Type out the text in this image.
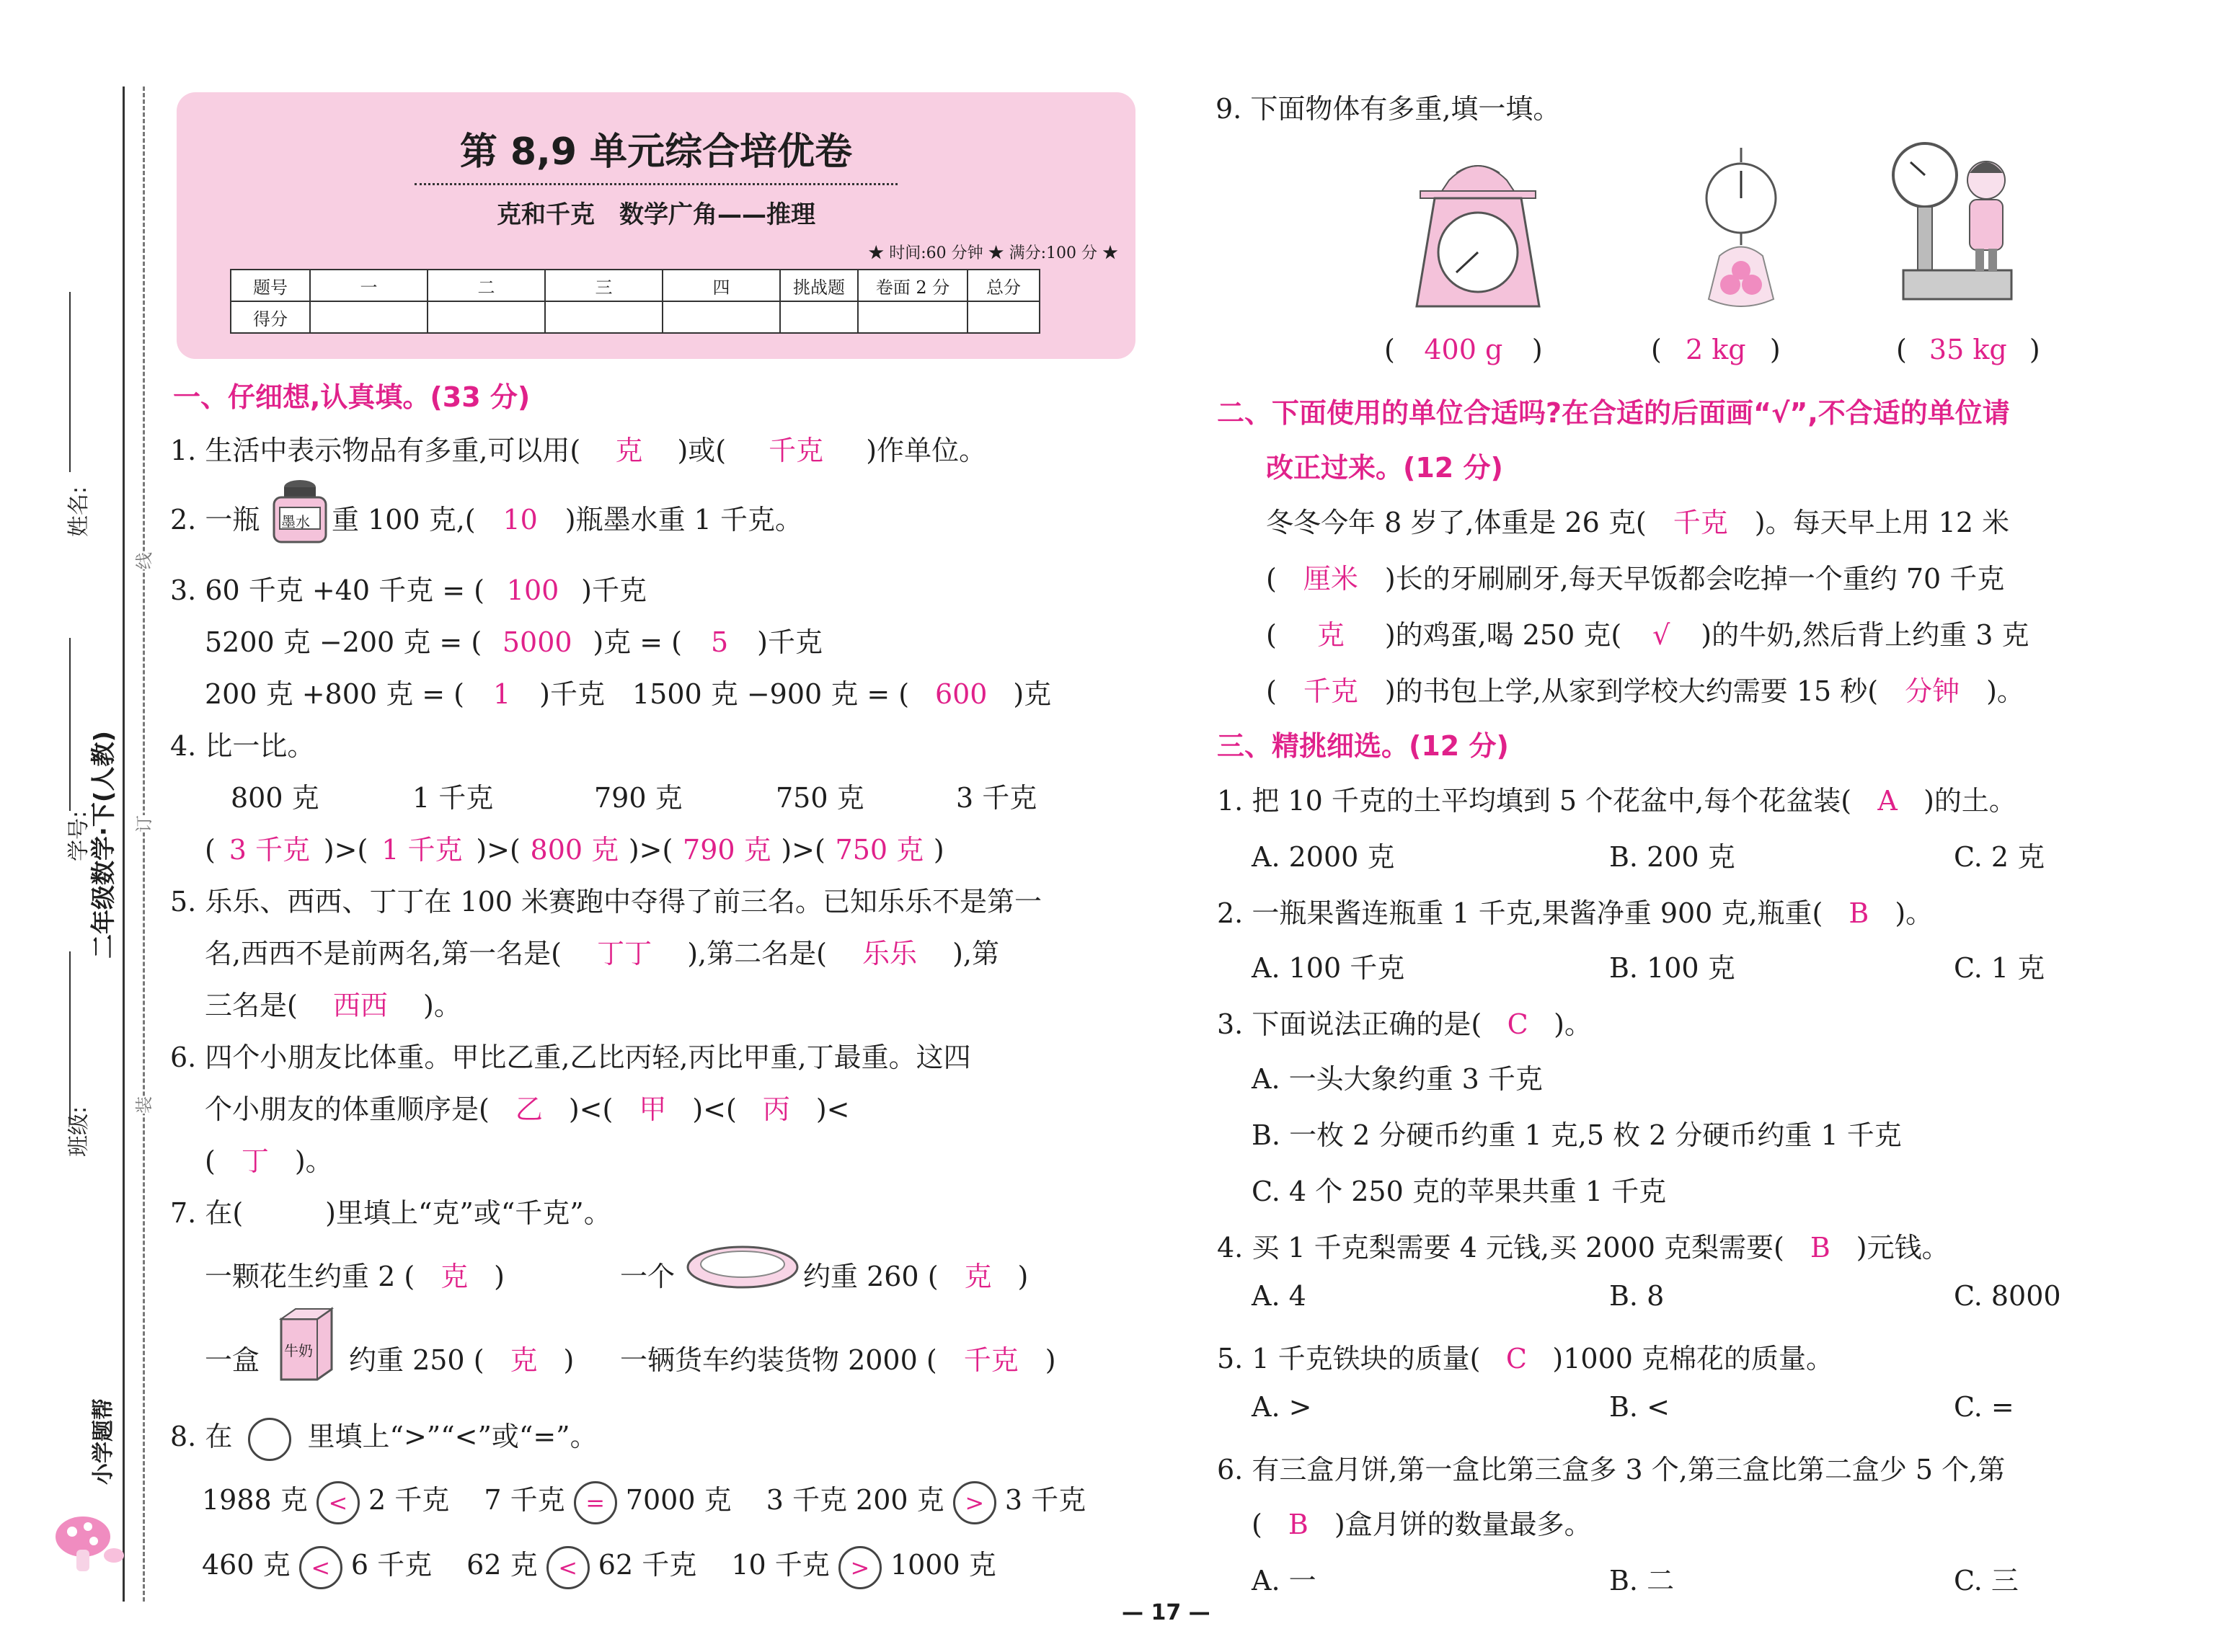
班级:
学号:
姓名:
二年级数学·下(人教)
装
订
线
小学题帮
第 8,9 单元综合培优卷
克和千克　数学广角——推理
★ 时间:60 分钟 ★ 满分:100 分 ★
题号	一	二	三	四	挑战题	卷面 2 分	总分
得分							
一、仔细想,认真填。(33 分)
1. 生活中表示物品有多重,可以用( 克 )或( 千克 )作单位。
2. 一瓶 墨水 重 100 克,( 10 )瓶墨水重 1 千克。
3. 60 千克 +40 千克 = ( 100 )千克
5200 克 −200 克 = ( 5000 )克 = ( 5 )千克
200 克 +800 克 = ( 1 )千克　1500 克 −900 克 = ( 600 )克
4. 比一比。
800 克	1 千克	790 克	750 克	3 千克
( 3 千克 )>( 1 千克 )>( 800 克 )>( 790 克 )>( 750 克 )
5. 乐乐、西西、丁丁在 100 米赛跑中夺得了前三名。已知乐乐不是第一
名,西西不是前两名,第一名是( 丁丁 ),第二名是( 乐乐 ),第
三名是( 西西 )。
6. 四个小朋友比体重。甲比乙重,乙比丙轻,丙比甲重,丁最重。这四
个小朋友的体重顺序是( 乙 )<( 甲 )<( 丙 )<
( 丁 )。
7. 在(　　　)里填上“克”或“千克”。
一颗花生约重 2 ( 克 )	一个	约重 260 ( 克 )
一盒 牛奶 约重 250 ( 克 ) 一辆货车约装货物 2000 ( 千克 )
8. 在	里填上“>”“<”或“=”。
1988 克 < 2 千克 7 千克 = 7000 克 3 千克 200 克 > 3 千克
460 克 < 6 千克 62 克 < 62 千克 10 千克 > 1000 克
9. 下面物体有多重,填一填。
( 400 g )	( 2 kg )	( 35 kg )
二、下面使用的单位合适吗?在合适的后面画“√”,不合适的单位请
改正过来。(12 分)
冬冬今年 8 岁了,体重是 26 克( 千克 )。每天早上用 12 米
( 厘米 )长的牙刷刷牙,每天早饭都会吃掉一个重约 70 千克
( 克 )的鸡蛋,喝 250 克( √ )的牛奶,然后背上约重 3 克
( 千克 )的书包上学,从家到学校大约需要 15 秒( 分钟 )。
三、精挑细选。(12 分)
1. 把 10 千克的土平均填到 5 个花盆中,每个花盆装( A )的土。
A. 2000 克	B. 200 克	C. 2 克
2. 一瓶果酱连瓶重 1 千克,果酱净重 900 克,瓶重( B )。
A. 100 千克	B. 100 克	C. 1 克
3. 下面说法正确的是( C )。
A. 一头大象约重 3 千克
B. 一枚 2 分硬币约重 1 克,5 枚 2 分硬币约重 1 千克
C. 4 个 250 克的苹果共重 1 千克
4. 买 1 千克梨需要 4 元钱,买 2000 克梨需要( B )元钱。
A. 4	B. 8	C. 8000
5. 1 千克铁块的质量( C )1000 克棉花的质量。
A. >	B. <	C. =
6. 有三盒月饼,第一盒比第三盒多 3 个,第三盒比第二盒少 5 个,第
( B )盒月饼的数量最多。
A. 一	B. 二	C. 三
— 17 —
